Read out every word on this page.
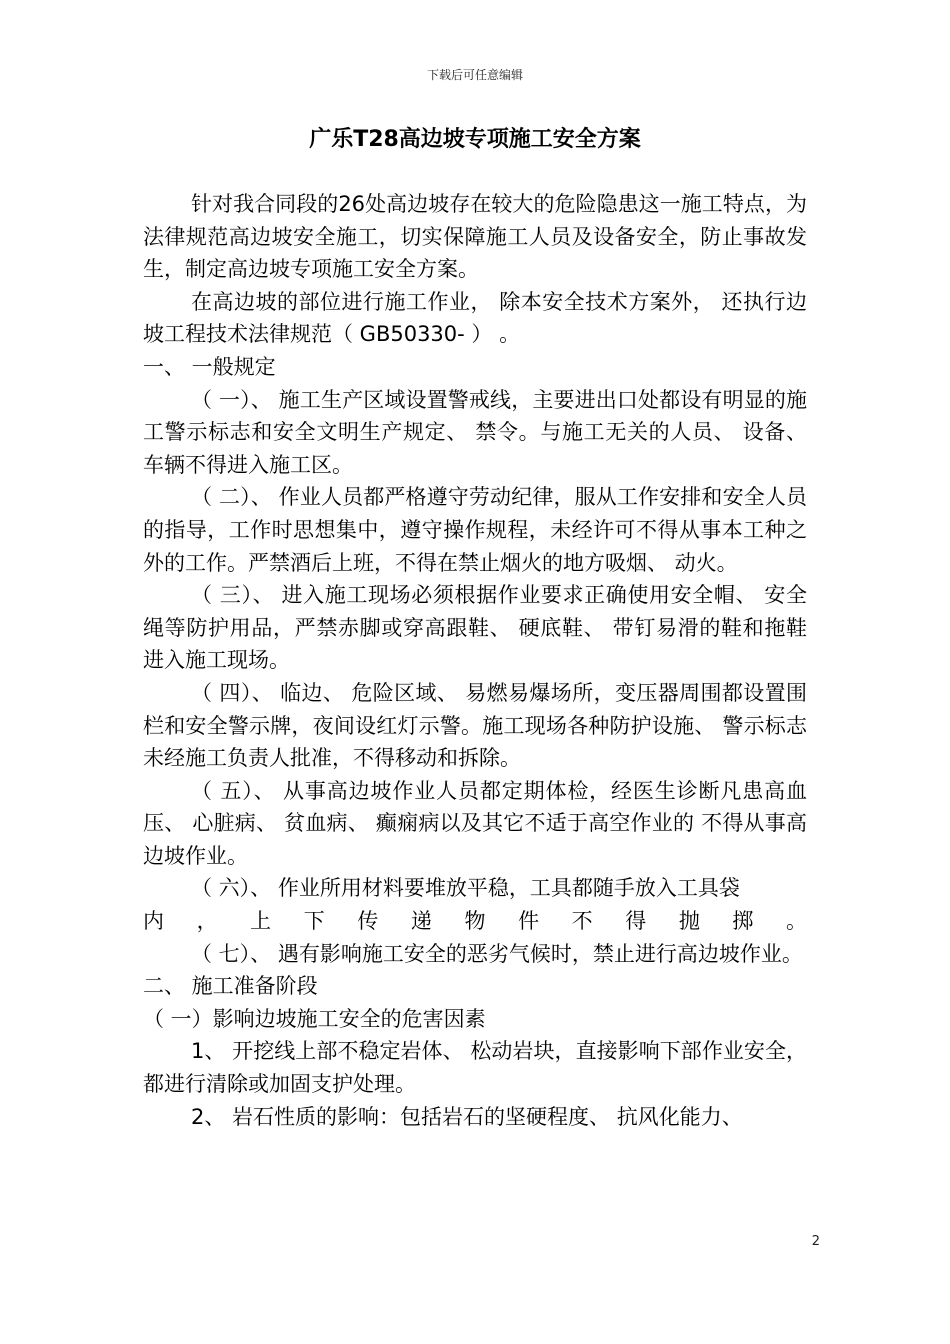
下载后可任意编辑
广乐T28高边坡专项施工安全方案

针对我合同段的26处高边坡存在较大的危险隐患这一施工特点，为法律规范高边坡安全施工，切实保障施工人员及设备安全，防止事故发生，制定高边坡专项施工安全方案。

在高边坡的部位进行施工作业， 除本安全技术方案外， 还执行边坡工程技术法律规范（ GB50330- ） 。

一、 一般规定

（ 一）、 施工生产区域设置警戒线，主要进出口处都设有明显的施工警示标志和安全文明生产规定、 禁令。与施工无关的人员、 设备、 车辆不得进入施工区。

（ 二）、 作业人员都严格遵守劳动纪律，服从工作安排和安全人员的指导，工作时思想集中，遵守操作规程，未经许可不得从事本工种之外的工作。严禁酒后上班，不得在禁止烟火的地方吸烟、 动火。

（ 三）、 进入施工现场必须根据作业要求正确使用安全帽、 安全绳等防护用品，严禁赤脚或穿高跟鞋、 硬底鞋、 带钉易滑的鞋和拖鞋进入施工现场。

（ 四）、 临边、 危险区域、 易燃易爆场所，变压器周围都设置围栏和安全警示牌，夜间设红灯示警。施工现场各种防护设施、 警示标志未经施工负责人批准，不得移动和拆除。

（ 五）、 从事高边坡作业人员都定期体检，经医生诊断凡患高血压、 心脏病、 贫血病、 癫痫病以及其它不适于高空作业的 不得从事高边坡作业。

（ 六）、 作业所用材料要堆放平稳，工具都随手放入工具袋

内，上下传递物件不得抛掷。

（ 七）、 遇有影响施工安全的恶劣气候时，禁止进行高边坡作业。

二、 施工准备阶段

（ 一）影响边坡施工安全的危害因素

1、 开挖线上部不稳定岩体、 松动岩块，直接影响下部作业安全，都进行清除或加固支护处理。

2、 岩石性质的影响：包括岩石的坚硬程度、 抗风化能力、

2
